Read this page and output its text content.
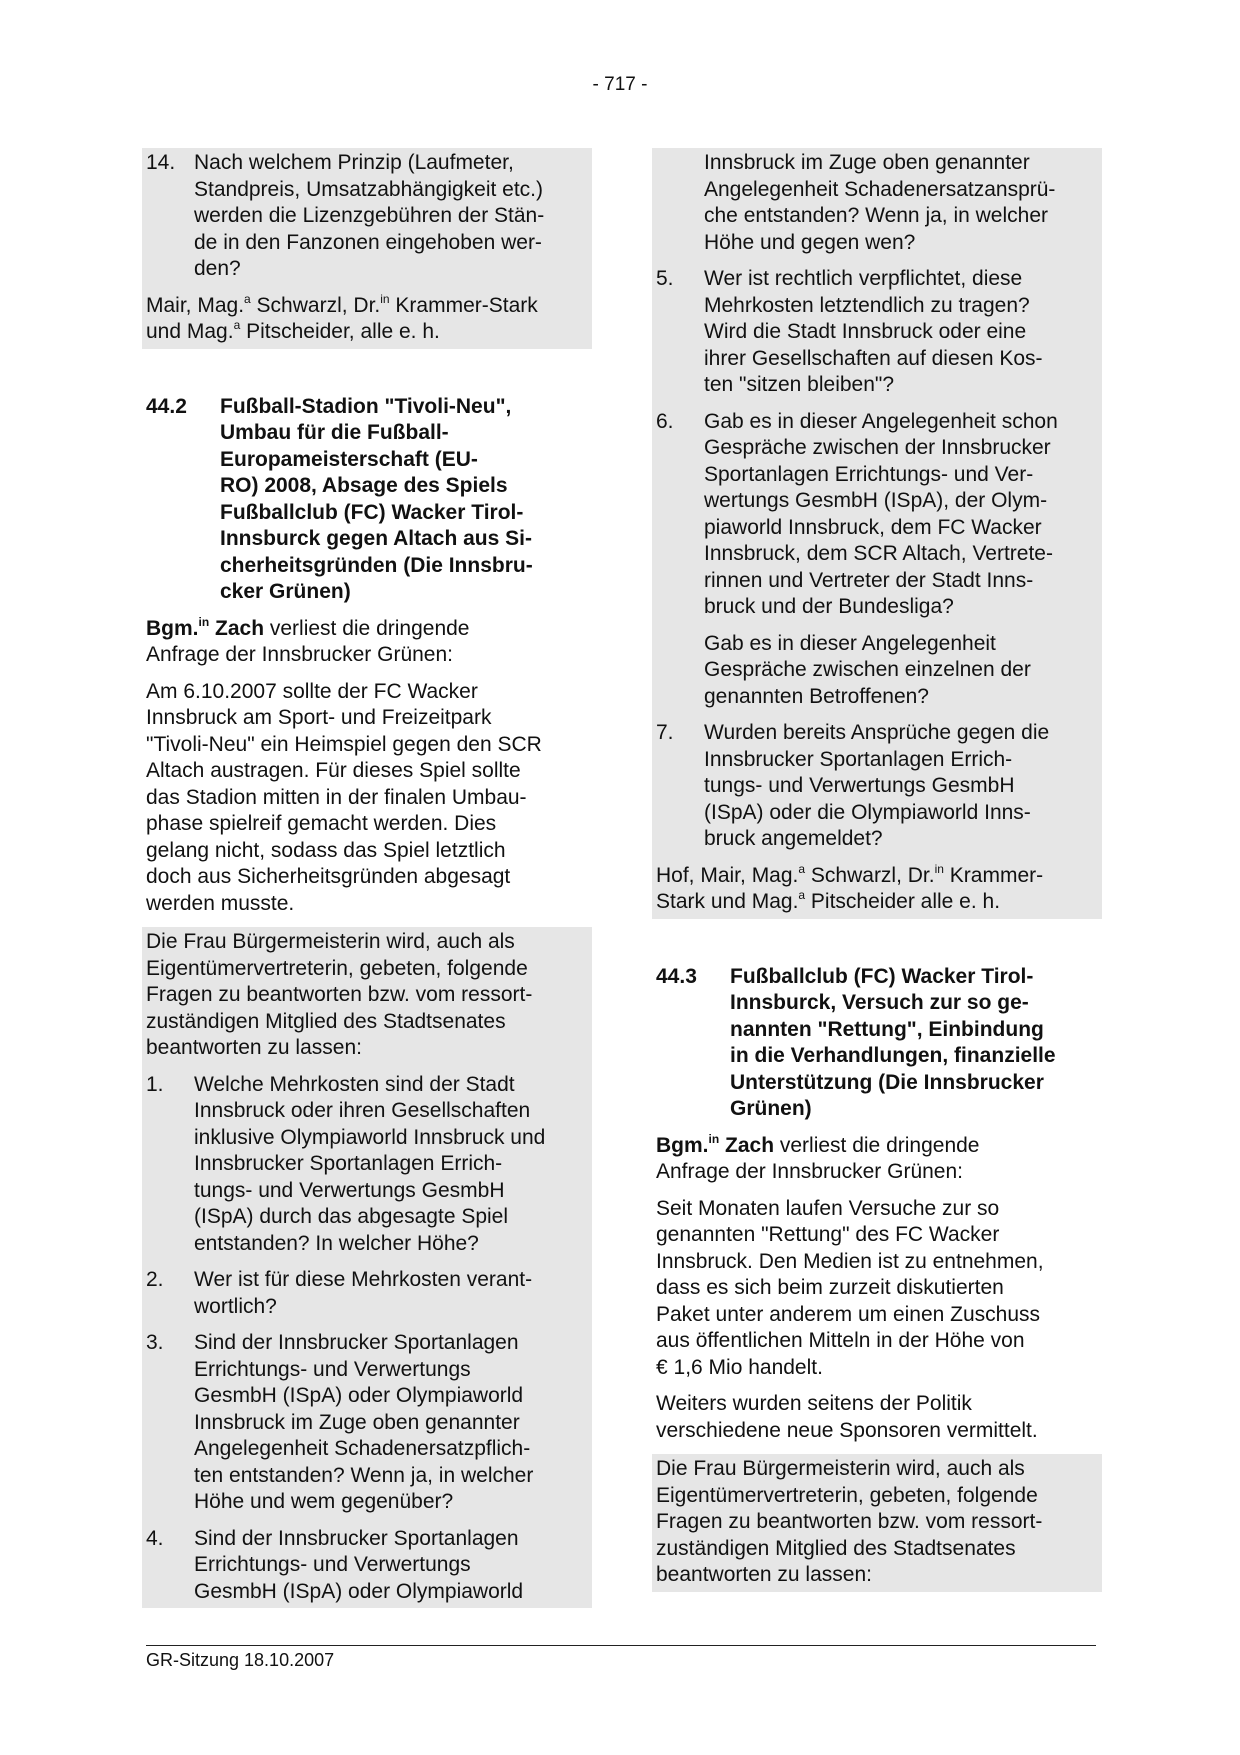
- 717 -
14. Nach welchem Prinzip (Laufmeter,
Standpreis, Umsatzabhängigkeit etc.)
werden die Lizenzgebühren der Stän-
de in den Fanzonen eingehoben wer-
den?
Mair, Mag.$^a$ Schwarzl, Dr.$^{in}$ Krammer-Stark
und Mag.$^a$ Pitscheider, alle e. h.
44.2	Fußball-Stadion "Tivoli-Neu",
Umbau für die Fußball-
Europameisterschaft (EU-
RO) 2008, Absage des Spiels
Fußballclub (FC) Wacker Tirol-
Innsburck gegen Altach aus Si-
cherheitsgründen (Die Innsbru-
cker Grünen)
Bgm.$^{in}$ Zach verliest die dringende
Anfrage der Innsbrucker Grünen:
Am 6.10.2007 sollte der FC Wacker
Innsbruck am Sport- und Freizeitpark
"Tivoli-Neu" ein Heimspiel gegen den SCR
Altach austragen. Für dieses Spiel sollte
das Stadion mitten in der finalen Umbau-
phase spielreif gemacht werden. Dies
gelang nicht, sodass das Spiel letztlich
doch aus Sicherheitsgründen abgesagt
werden musste.
Die Frau Bürgermeisterin wird, auch als
Eigentümervertreterin, gebeten, folgende
Fragen zu beantworten bzw. vom ressort-
zuständigen Mitglied des Stadtsenates
beantworten zu lassen:
1.	Welche Mehrkosten sind der Stadt
Innsbruck oder ihren Gesellschaften
inklusive Olympiaworld Innsbruck und
Innsbrucker Sportanlagen Errich-
tungs- und Verwertungs GesmbH
(ISpA) durch das abgesagte Spiel
entstanden? In welcher Höhe?
2.	Wer ist für diese Mehrkosten verant-
wortlich?
3.	Sind der Innsbrucker Sportanlagen
Errichtungs- und Verwertungs
GesmbH (ISpA) oder Olympiaworld
Innsbruck im Zuge oben genannter
Angelegenheit Schadenersatzpflich-
ten entstanden? Wenn ja, in welcher
Höhe und wem gegenüber?
4.	Sind der Innsbrucker Sportanlagen
Errichtungs- und Verwertungs
GesmbH (ISpA) oder Olympiaworld
Innsbruck im Zuge oben genannter
Angelegenheit Schadenersatzansprü-
che entstanden? Wenn ja, in welcher
Höhe und gegen wen?
5.	Wer ist rechtlich verpflichtet, diese
Mehrkosten letztendlich zu tragen?
Wird die Stadt Innsbruck oder eine
ihrer Gesellschaften auf diesen Kos-
ten "sitzen bleiben"?
6.	Gab es in dieser Angelegenheit schon
Gespräche zwischen der Innsbrucker
Sportanlagen Errichtungs- und Ver-
wertungs GesmbH (ISpA), der Olym-
piaworld Innsbruck, dem FC Wacker
Innsbruck, dem SCR Altach, Vertrete-
rinnen und Vertreter der Stadt Inns-
bruck und der Bundesliga?
Gab es in dieser Angelegenheit
Gespräche zwischen einzelnen der
genannten Betroffenen?
7.	Wurden bereits Ansprüche gegen die
Innsbrucker Sportanlagen Errich-
tungs- und Verwertungs GesmbH
(ISpA) oder die Olympiaworld Inns-
bruck angemeldet?
Hof, Mair, Mag.$^a$ Schwarzl, Dr.$^{in}$ Krammer-
Stark und Mag.$^a$ Pitscheider alle e. h.
44.3	Fußballclub (FC) Wacker Tirol-
Innsburck, Versuch zur so ge-
nannten "Rettung", Einbindung
in die Verhandlungen, finanzielle
Unterstützung (Die Innsbrucker
Grünen)
Bgm.$^{in}$ Zach verliest die dringende
Anfrage der Innsbrucker Grünen:
Seit Monaten laufen Versuche zur so
genannten "Rettung" des FC Wacker
Innsbruck. Den Medien ist zu entnehmen,
dass es sich beim zurzeit diskutierten
Paket unter anderem um einen Zuschuss
aus öffentlichen Mitteln in der Höhe von
€ 1,6 Mio handelt.
Weiters wurden seitens der Politik
verschiedene neue Sponsoren vermittelt.
Die Frau Bürgermeisterin wird, auch als
Eigentümervertreterin, gebeten, folgende
Fragen zu beantworten bzw. vom ressort-
zuständigen Mitglied des Stadtsenates
beantworten zu lassen:
GR-Sitzung 18.10.2007
